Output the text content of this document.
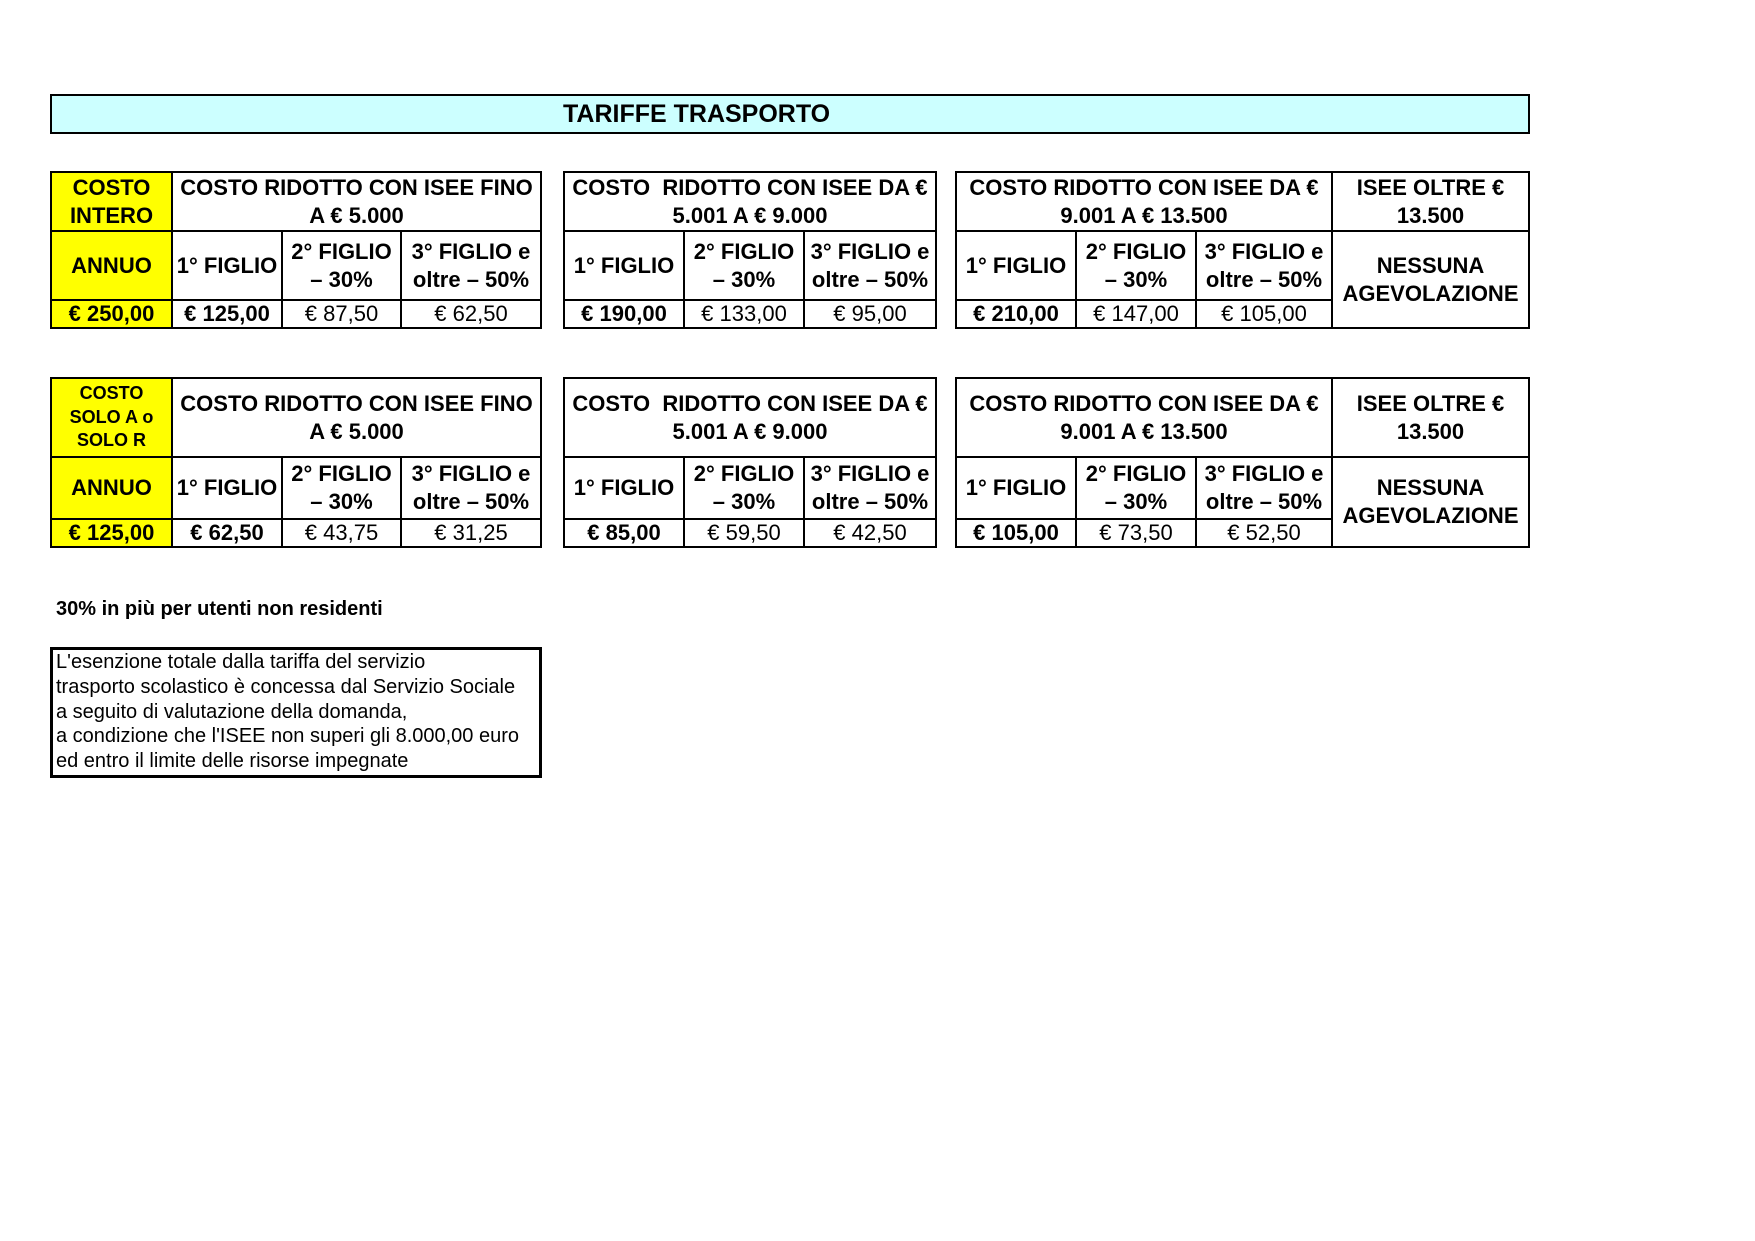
TARIFFE TRASPORTO
COSTO
INTERO
COSTO RIDOTTO CON ISEE FINO
A € 5.000
ANNUO 1° FIGLIO
2° FIGLIO
– 30%
3° FIGLIO e
oltre – 50%
€ 250,00 € 125,00 € 87,50	€ 62,50
COSTO  RIDOTTO CON ISEE DA €
5.001 A € 9.000
1° FIGLIO
2° FIGLIO
– 30%
3° FIGLIO e
oltre – 50%
€ 190,00 € 133,00 € 95,00
COSTO RIDOTTO CON ISEE DA €
9.001 A € 13.500
ISEE OLTRE €
13.500
1° FIGLIO
2° FIGLIO
– 30%
3° FIGLIO e
oltre – 50%
NESSUNA
AGEVOLAZIONE
€ 210,00 € 147,00 € 105,00
COSTO
SOLO A o
SOLO R
COSTO RIDOTTO CON ISEE FINO
A € 5.000
ANNUO 1° FIGLIO
2° FIGLIO
– 30%
3° FIGLIO e
oltre – 50%
€ 125,00 € 62,50 € 43,75	€ 31,25
COSTO  RIDOTTO CON ISEE DA €
5.001 A € 9.000
1° FIGLIO
2° FIGLIO
– 30%
3° FIGLIO e
oltre – 50%
€ 85,00 € 59,50 € 42,50
COSTO RIDOTTO CON ISEE DA €
9.001 A € 13.500
ISEE OLTRE €
13.500
1° FIGLIO
2° FIGLIO
– 30%
3° FIGLIO e
oltre – 50%
NESSUNA
AGEVOLAZIONE
€ 105,00 € 73,50 € 52,50
30% in più per utenti non residenti
L'esenzione totale dalla tariffa del servizio
trasporto scolastico è concessa dal Servizio Sociale
a seguito di valutazione della domanda,
a condizione che l'ISEE non superi gli 8.000,00 euro
ed entro il limite delle risorse impegnate
